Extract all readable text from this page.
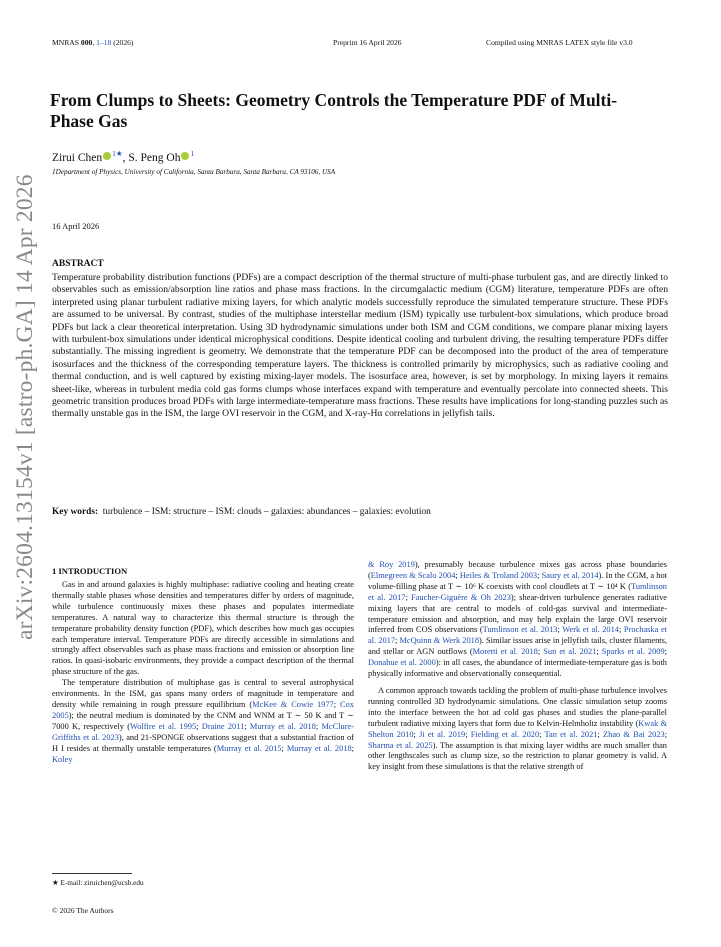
MNRAS 000, 1–18 (2026)	Preprint 16 April 2026	Compiled using MNRAS LATEX style file v3.0
From Clumps to Sheets: Geometry Controls the Temperature PDF of Multi-Phase Gas
Zirui Chen $^{1★}$, S. Peng Oh $^1$
1Department of Physics, University of California, Santa Barbara, Santa Barbara, CA 93106, USA
16 April 2026
ABSTRACT
Temperature probability distribution functions (PDFs) are a compact description of the thermal structure of multi-phase turbulent gas, and are directly linked to observables such as emission/absorption line ratios and phase mass fractions. In the circumgalactic medium (CGM) literature, temperature PDFs are often interpreted using planar turbulent radiative mixing layers, for which analytic models successfully reproduce the simulated temperature structure. These PDFs are assumed to be universal. By contrast, studies of the multiphase interstellar medium (ISM) typically use turbulent-box simulations, which produce broad PDFs but lack a clear theoretical interpretation. Using 3D hydrodynamic simulations under both ISM and CGM conditions, we compare planar mixing layers with turbulent-box simulations under identical microphysical conditions. Despite identical cooling and turbulent driving, the resulting temperature PDFs differ substantially. The missing ingredient is geometry. We demonstrate that the temperature PDF can be decomposed into the product of the area of temperature isosurfaces and the thickness of the corresponding temperature layers. The thickness is controlled primarily by microphysics, such as radiative cooling and thermal conduction, and is well captured by existing mixing-layer models. The isosurface area, however, is set by morphology. In mixing layers it remains sheet-like, whereas in turbulent media cold gas forms clumps whose interfaces expand with temperature and eventually percolate into connected sheets. This geometric transition produces broad PDFs with large intermediate-temperature mass fractions. These results have implications for long-standing puzzles such as thermally unstable gas in the ISM, the large OVI reservoir in the CGM, and X-ray-Hα correlations in jellyfish tails.
Key words: turbulence – ISM: structure – ISM: clouds – galaxies: abundances – galaxies: evolution
arXiv:2604.13154v1 [astro-ph.GA] 14 Apr 2026 1 INTRODUCTION

Gas in and around galaxies is highly multiphase: radiative cooling and heating create thermally stable phases whose densities and temperatures differ by orders of magnitude, while turbulence continuously mixes these phases and populates intermediate temperatures. A natural way to characterize this thermal structure is through the temperature probability density function (PDF), which describes how much gas occupies each temperature interval. Temperature PDFs are directly accessible in simulations and strongly affect observables such as phase mass fractions and emission or absorption line ratios. In quasi-isobaric environments, they provide a compact description of the thermal phase structure of the gas.

The temperature distribution of multiphase gas is central to several astrophysical environments. In the ISM, gas spans many orders of magnitude in temperature and density while remaining in rough pressure equilibrium (McKee & Cowie 1977; Cox 2005); the neutral medium is dominated by the CNM and WNM at T ∼ 50 K and T ∼ 7000 K, respectively (Wolfire et al. 1995; Draine 2011; Murray et al. 2018; McClure-Griffiths et al. 2023), and 21-SPONGE observations suggest that a substantial fraction of H I resides at thermally unstable temperatures (Murray et al. 2015; Murray et al. 2018; Koley

& Roy 2019), presumably because turbulence mixes gas across phase boundaries (Elmegreen & Scalo 2004; Heiles & Troland 2003; Saury et al. 2014). In the CGM, a hot volume-filling phase at T ∼ 10⁶ K coexists with cool cloudlets at T ∼ 10⁴ K (Tumlinson et al. 2017; Faucher-Giguère & Oh 2023); shear-driven turbulence generates radiative mixing layers that are central to models of cold-gas survival and intermediate-temperature emission and absorption, and may help explain the large OVI reservoir inferred from COS observations (Tumlinson et al. 2013; Werk et al. 2014; Prochaska et al. 2017; McQuinn & Werk 2018). Similar issues arise in jellyfish tails, cluster filaments, and stellar or AGN outflows (Moretti et al. 2018; Sun et al. 2021; Sparks et al. 2009; Donahue et al. 2000): in all cases, the abundance of intermediate-temperature gas is both physically informative and observationally consequential.

A common approach towards tackling the problem of multi-phase turbulence involves running controlled 3D hydrodynamic simulations. One classic simulation setup zooms into the interface between the hot ad cold gas phases and studies the plane-parallel turbulent radiative mixing layers that form due to Kelvin-Helmholtz instability (Kwak & Shelton 2010; Ji et al. 2019; Fielding et al. 2020; Tan et al. 2021; Zhao & Bai 2023; Sharma et al. 2025). The assumption is that mixing layer widths are much smaller than other lengthscales such as clump size, so the restriction to planar geometry is valid. A key insight from these simulations is that the relative strength of

★ E-mail: ziruichen@ucsb.edu
© 2026 The Authors
